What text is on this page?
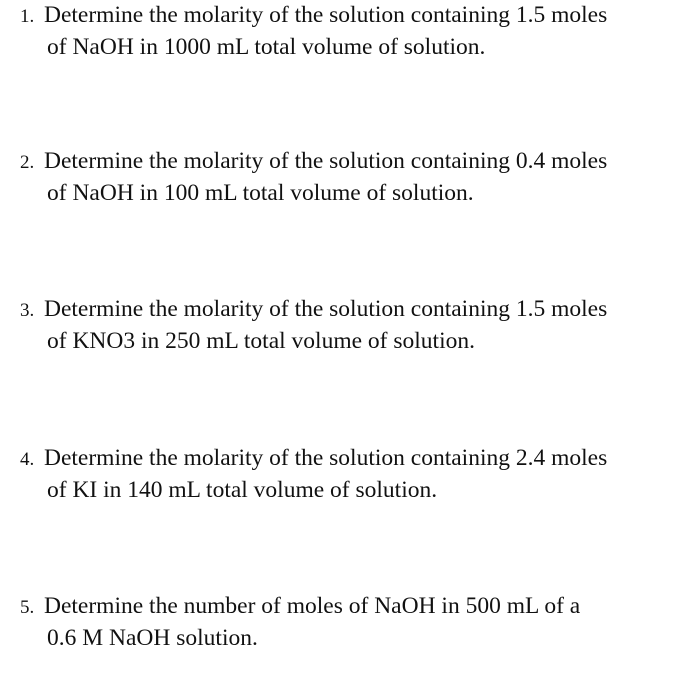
1. Determine the molarity of the solution containing 1.5 moles
of NaOH in 1000 mL total volume of solution.
2. Determine the molarity of the solution containing 0.4 moles
of NaOH in 100 mL total volume of solution.
3. Determine the molarity of the solution containing 1.5 moles
of KNO3 in 250 mL total volume of solution.
4. Determine the molarity of the solution containing 2.4 moles
of KI in 140 mL total volume of solution.
5. Determine the number of moles of NaOH in 500 mL of a
0.6 M NaOH solution.
